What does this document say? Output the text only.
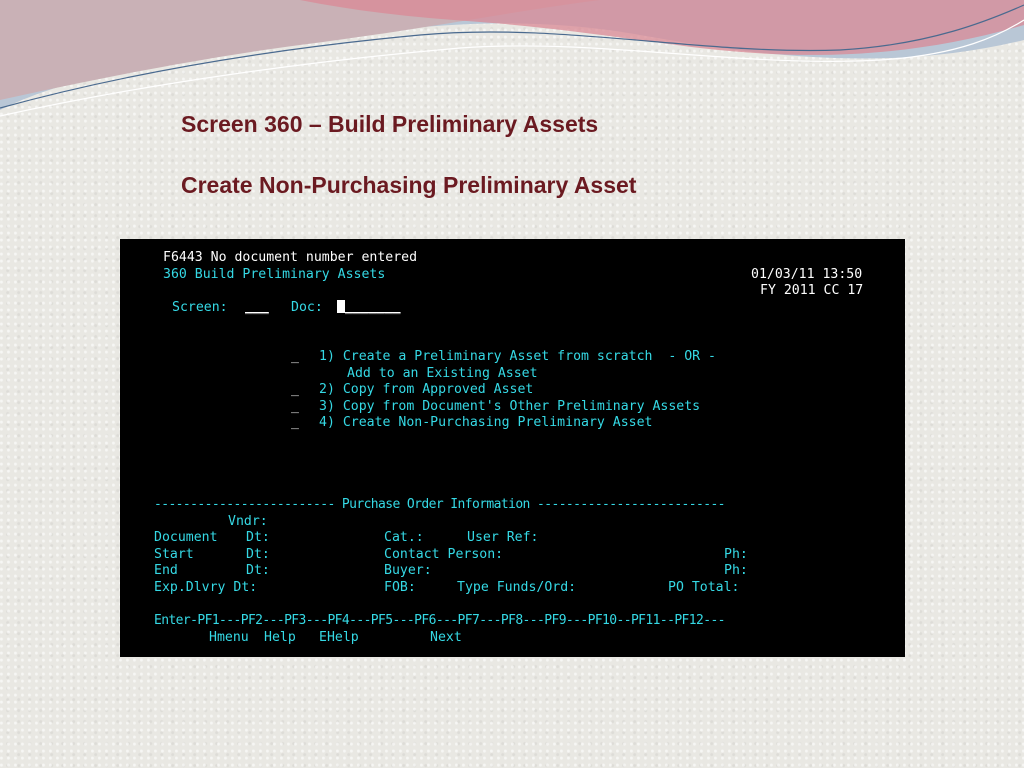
Screen 360 – Build Preliminary Assets
Create Non-Purchasing Preliminary Asset
F6443 No document number entered
360 Build Preliminary Assets	01/03/11 13:50
FY 2011 CC 17
Screen: ___ Doc:	_______
_ 1) Create a Preliminary Asset from scratch  - OR -
Add to an Existing Asset
_ 2) Copy from Approved Asset
_ 3) Copy from Document's Other Preliminary Assets
_ 4) Create Non-Purchasing Preliminary Asset
------------------------- Purchase Order Information --------------------------
Vndr:
Document Dt:	Cat.:	User Ref:
Start	Dt:	Contact Person:	Ph:
End	Dt:	Buyer:	Ph:
Exp.Dlvry Dt:	FOB:	Type Funds/Ord:	PO Total:
Enter-PF1---PF2---PF3---PF4---PF5---PF6---PF7---PF8---PF9---PF10--PF11--PF12---
Hmenu Help EHelp	Next
